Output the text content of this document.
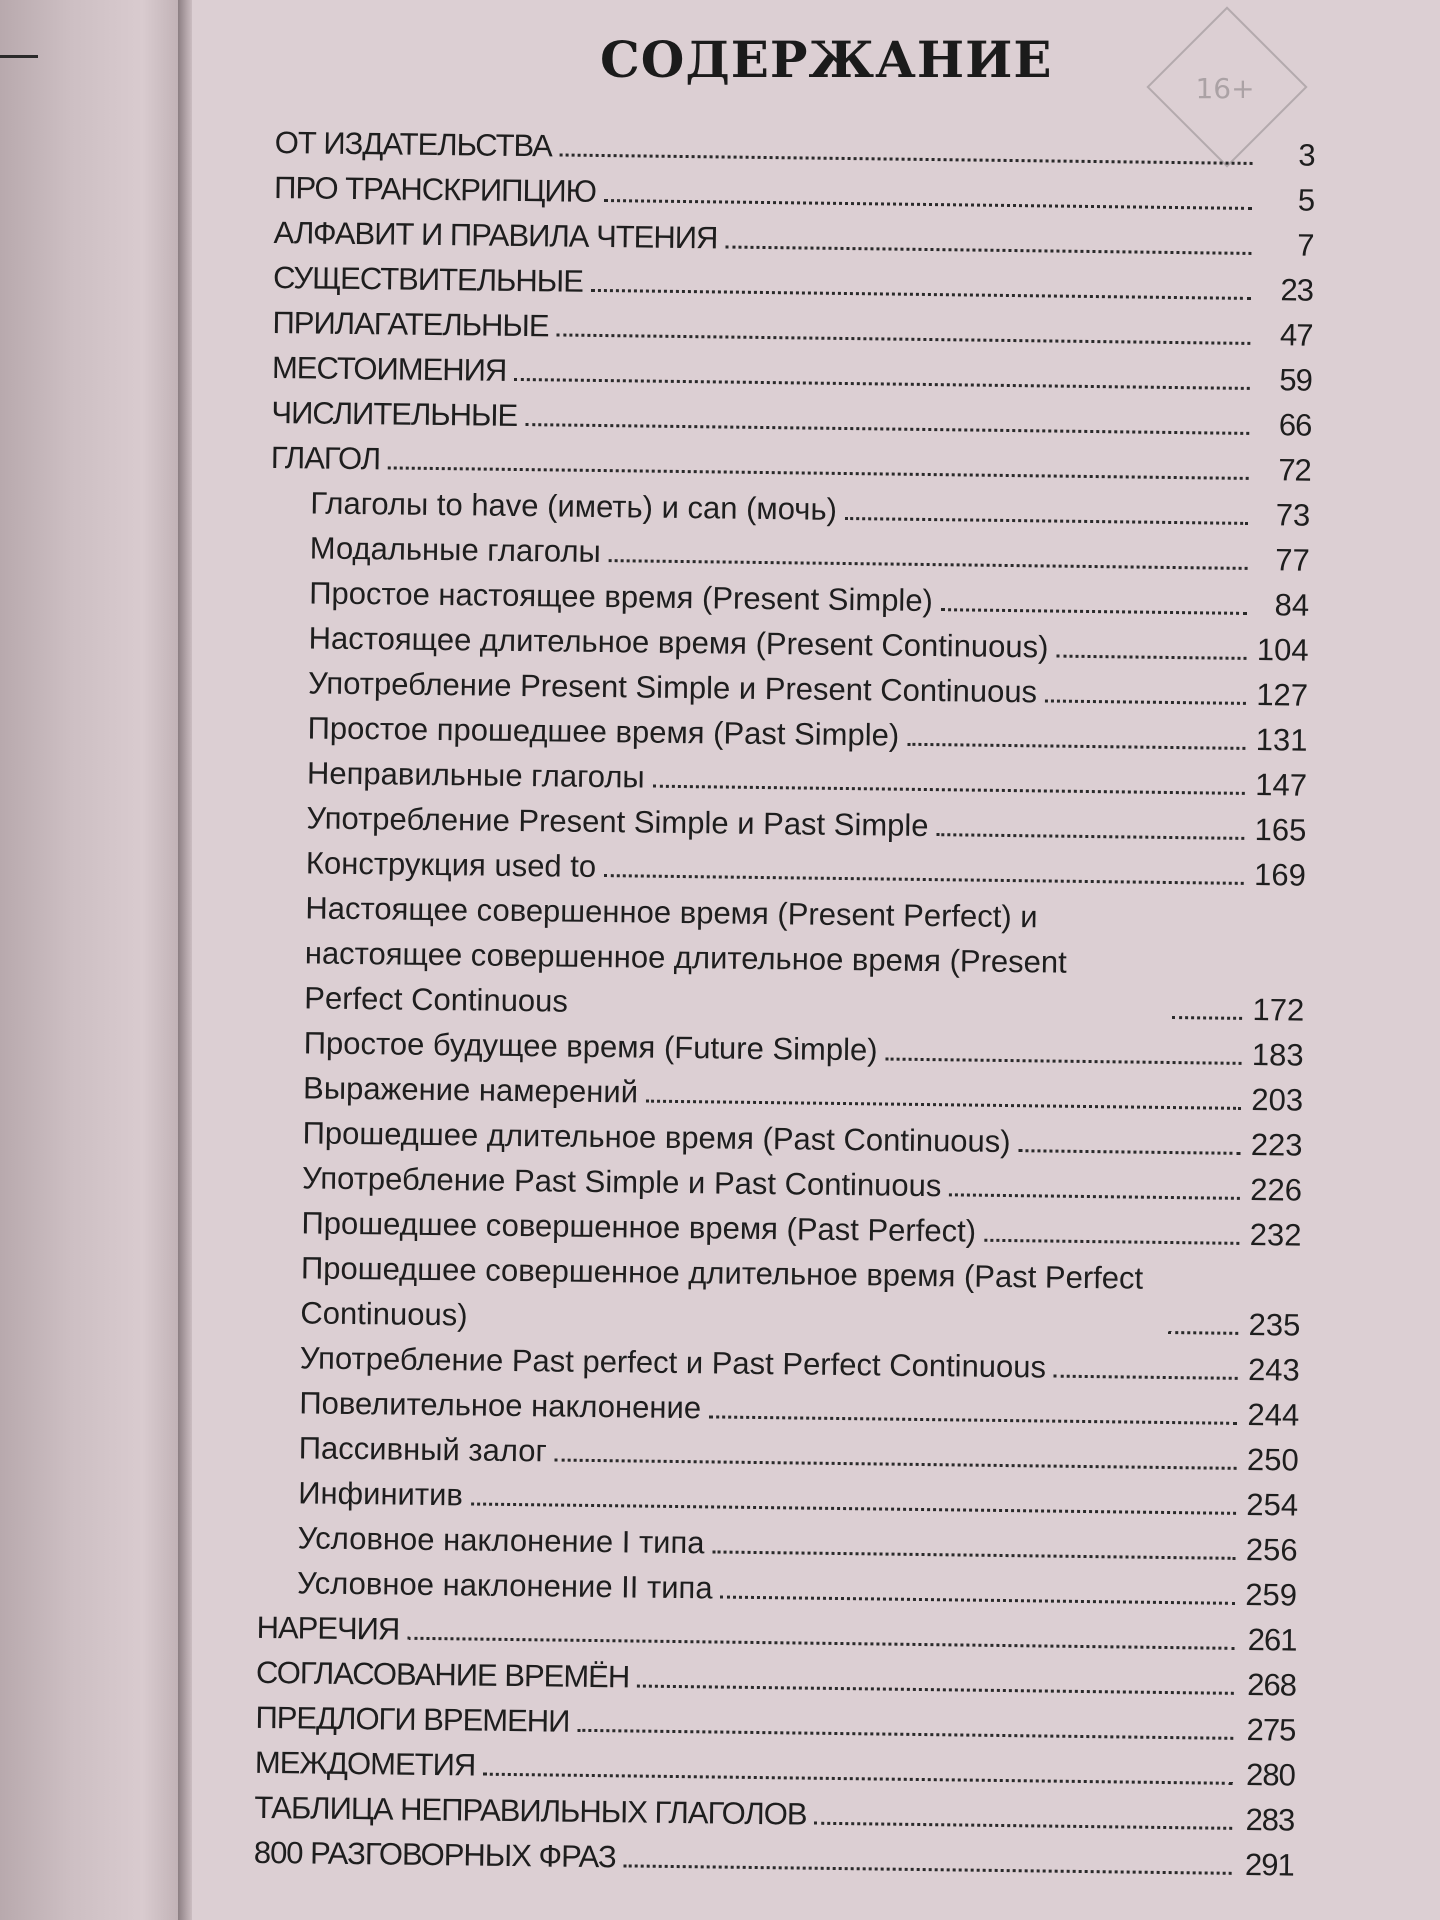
16+
СОДЕРЖАНИЕ
ОТ ИЗДАТЕЛЬСТВА	3
ПРО ТРАНСКРИПЦИЮ	5
АЛФАВИТ И ПРАВИЛА ЧТЕНИЯ	7
СУЩЕСТВИТЕЛЬНЫЕ	23
ПРИЛАГАТЕЛЬНЫЕ	47
МЕСТОИМЕНИЯ	59
ЧИСЛИТЕЛЬНЫЕ	66
ГЛАГОЛ	72
Глаголы to have (иметь) и can (мочь)	73
Модальные глаголы	77
Простое настоящее время (Present Simple)	84
Настоящее длительное время (Present Continuous)	104
Употребление Present Simple и Present Continuous	127
Простое прошедшее время (Past Simple)	131
Неправильные глаголы	147
Употребление Present Simple и Past Simple	165
Конструкция used to	169
Настоящее совершенное время (Present Perfect) и настоящее совершенное длительное время (Present Perfect Continuous	172
Простое будущее время (Future Simple)	183
Выражение намерений	203
Прошедшее длительное время (Past Continuous)	223
Употребление Past Simple и Past Continuous	226
Прошедшее совершенное время (Past Perfect)	232
Прошедшее совершенное длительное время (Past Perfect Continuous)	235
Употребление Past perfect и Past Perfect Continuous	243
Повелительное наклонение	244
Пассивный залог	250
Инфинитив	254
Условное наклонение I типа	256
Условное наклонение II типа	259
НАРЕЧИЯ	261
СОГЛАСОВАНИЕ ВРЕМЁН	268
ПРЕДЛОГИ ВРЕМЕНИ	275
МЕЖДОМЕТИЯ	280
ТАБЛИЦА НЕПРАВИЛЬНЫХ ГЛАГОЛОВ	283
800 РАЗГОВОРНЫХ ФРАЗ	291
